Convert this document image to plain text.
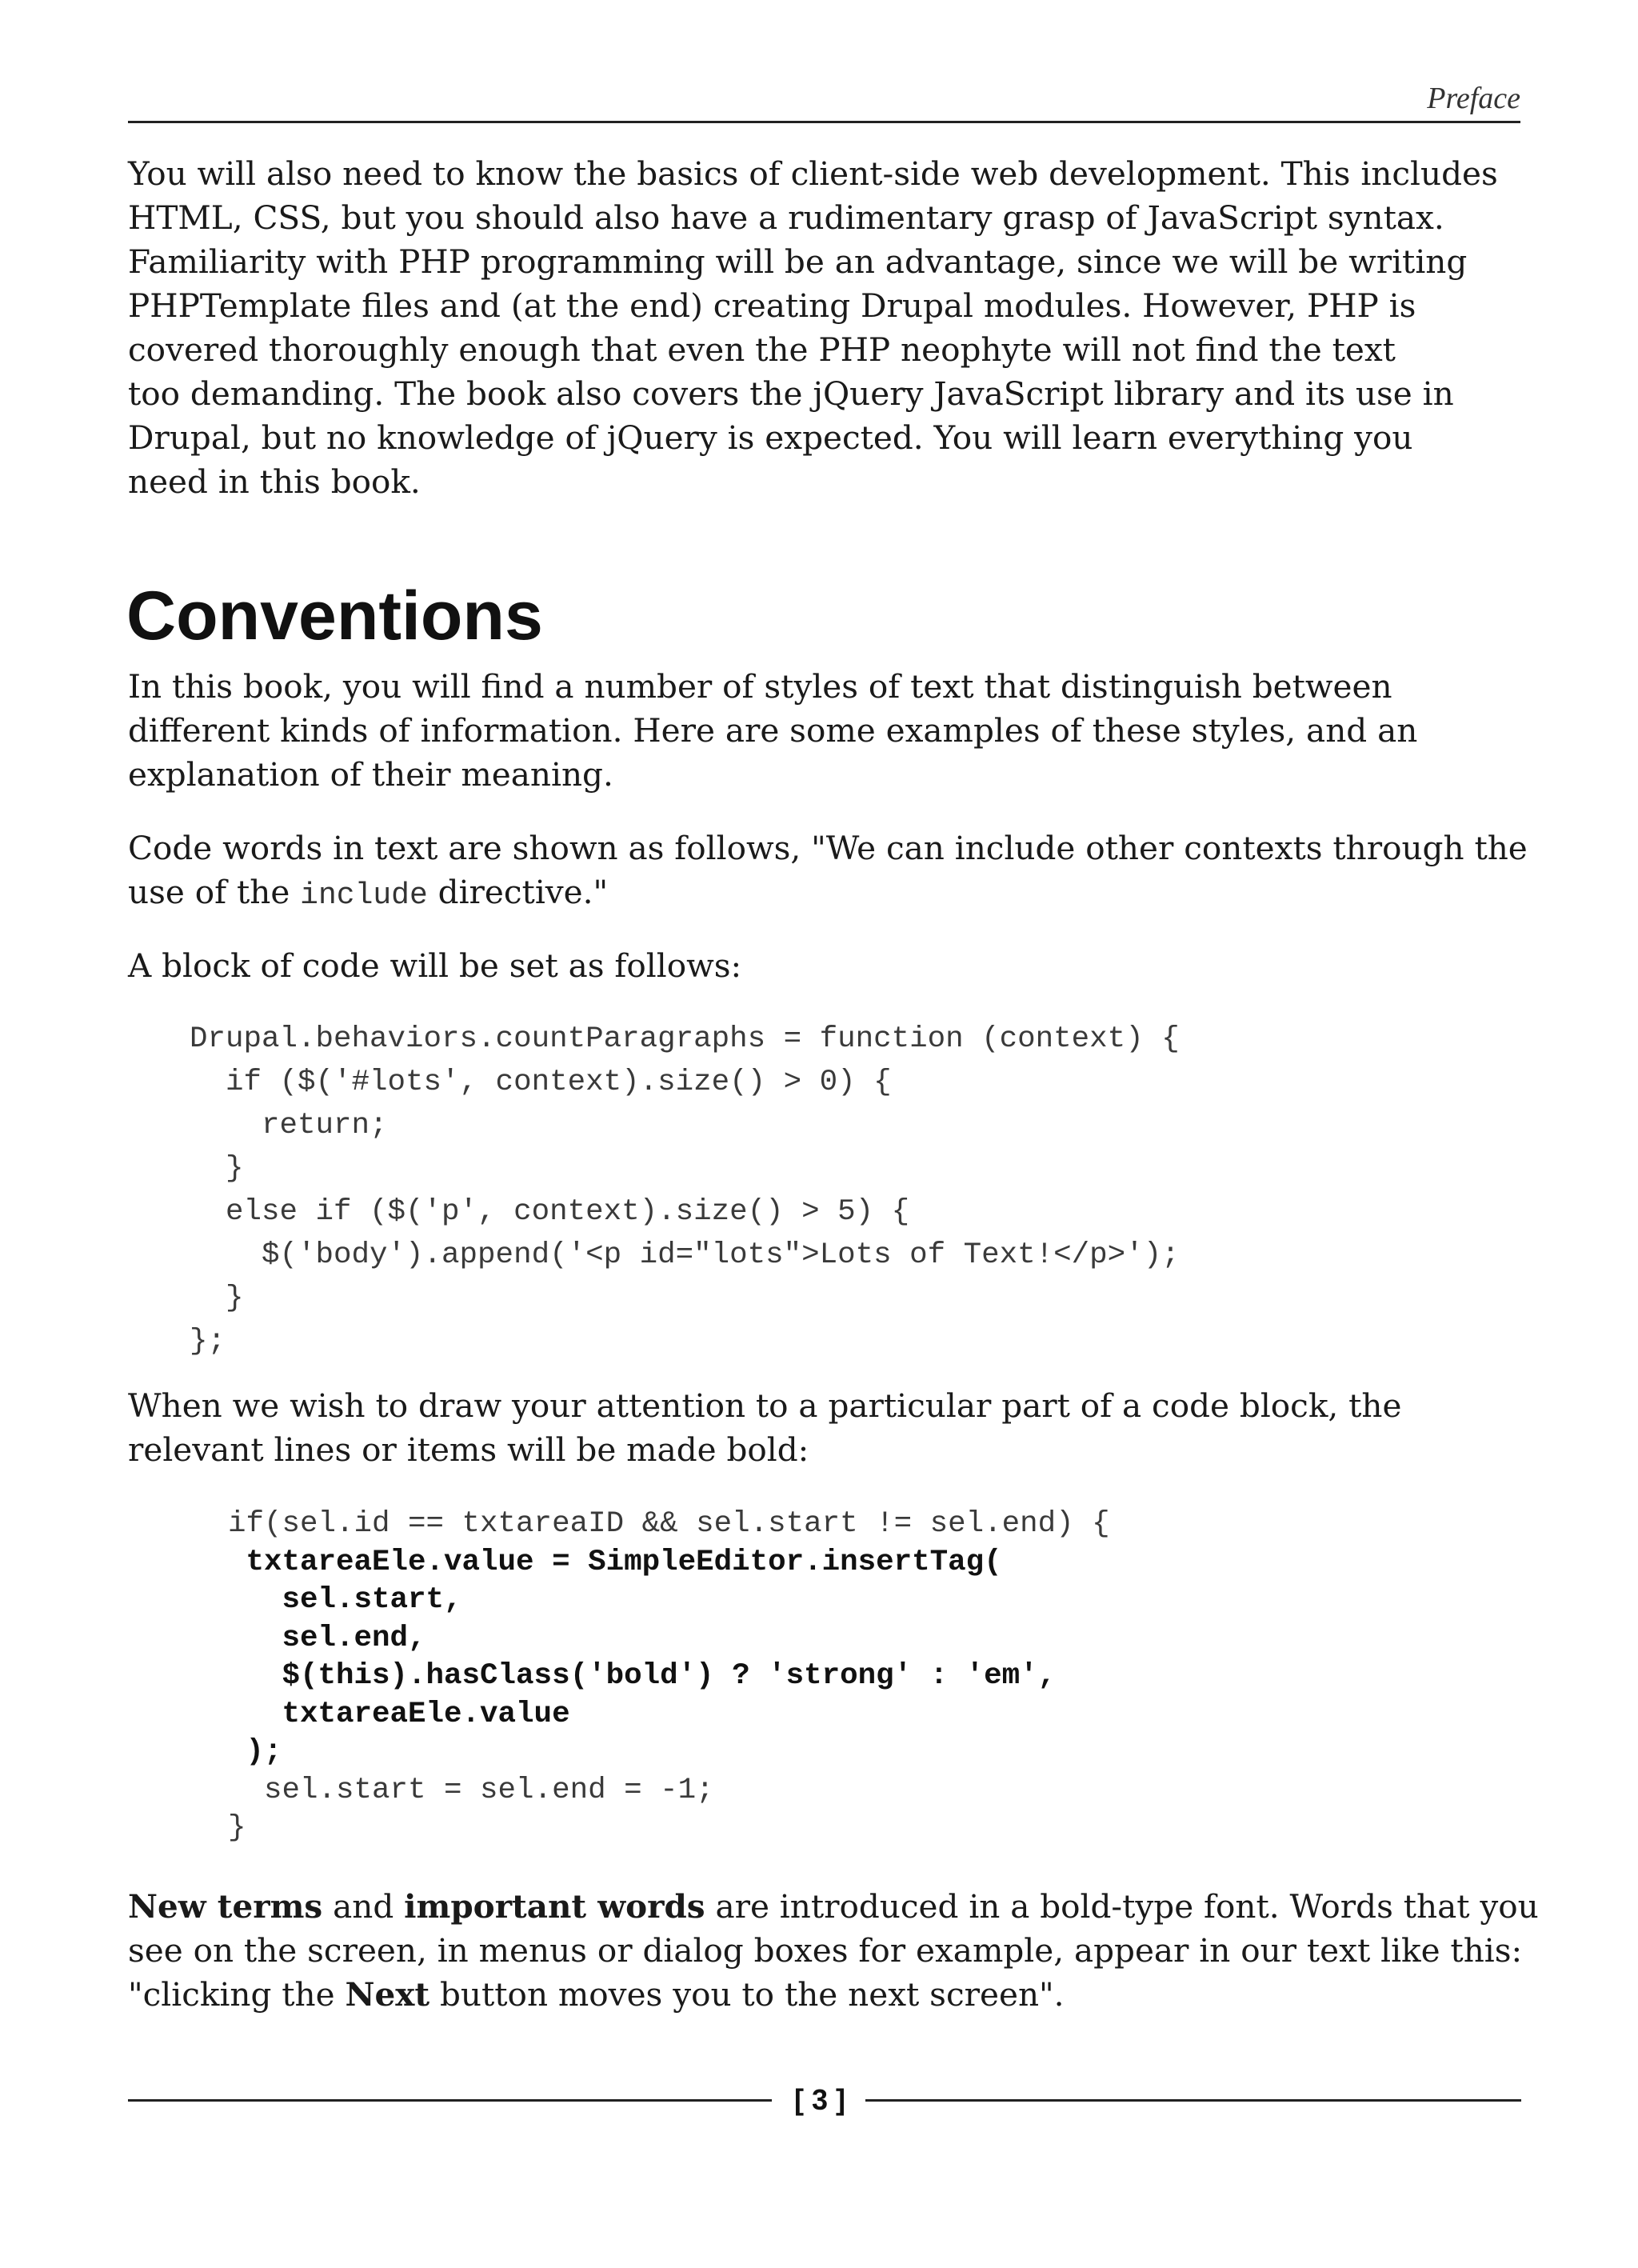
Preface

You will also need to know the basics of client-side web development. This includes
HTML, CSS, but you should also have a rudimentary grasp of JavaScript syntax.
Familiarity with PHP programming will be an advantage, since we will be writing
PHPTemplate files and (at the end) creating Drupal modules. However, PHP is
covered thoroughly enough that even the PHP neophyte will not find the text
too demanding. The book also covers the jQuery JavaScript library and its use in
Drupal, but no knowledge of jQuery is expected. You will learn everything you
need in this book.

Conventions

In this book, you will find a number of styles of text that distinguish between
different kinds of information. Here are some examples of these styles, and an
explanation of their meaning.

Code words in text are shown as follows, "We can include other contexts through the
use of the include directive."

A block of code will be set as follows:

Drupal.behaviors.countParagraphs = function (context) {
if ($('#lots', context).size() > 0) {
return;
}
else if ($('p', context).size() > 5) {
$('body').append('<p id="lots">Lots of Text!</p>');
}
};

When we wish to draw your attention to a particular part of a code block, the
relevant lines or items will be made bold:

if(sel.id == txtareaID && sel.start != sel.end) {
txtareaEle.value = SimpleEditor.insertTag(
sel.start,
sel.end,
$(this).hasClass('bold') ? 'strong' : 'em',
txtareaEle.value
);
sel.start = sel.end = -1;
}

New terms and important words are introduced in a bold-type font. Words that you
see on the screen, in menus or dialog boxes for example, appear in our text like this:
"clicking the Next button moves you to the next screen".

[ 3 ]
